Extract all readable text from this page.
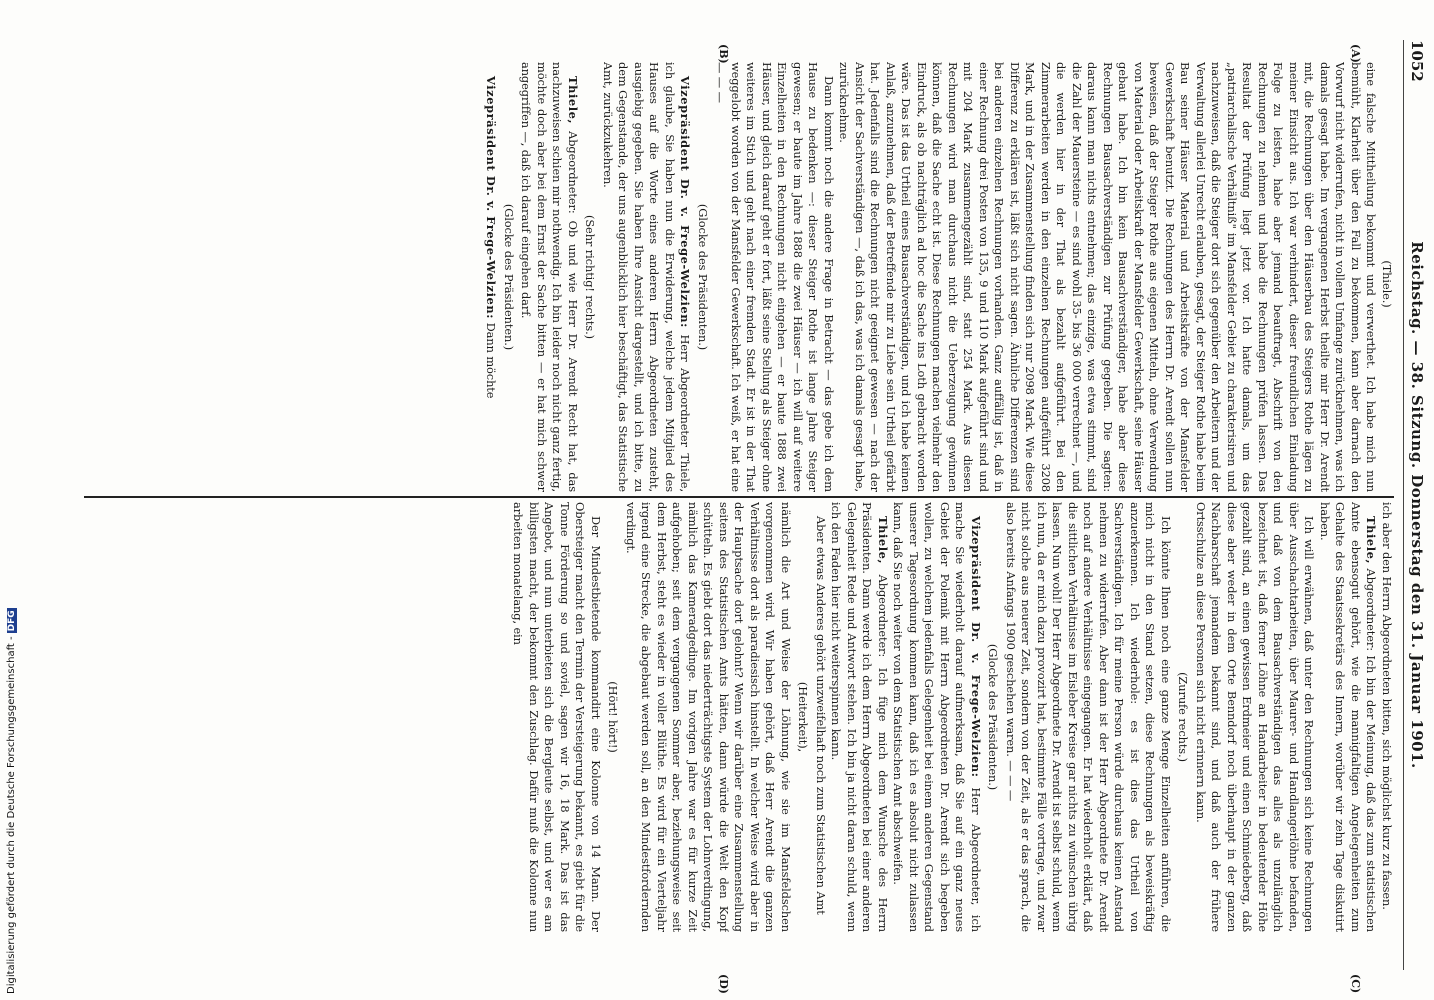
1052
Reichstag. — 38. Sitzung. Donnerstag den 31. Januar 1901.
(A)
(B)
(C)
(D)

(Thiele.)

eine falsche Mittheilung bekommt und verwerthet. Ich habe mich nun bemüht, Klarheit über den Fall zu bekommen, kann aber darnach den Vorwurf nicht widerrufen, nicht in vollem Umfange zurücknehmen, was ich damals gesagt habe. Im vergangenen Herbst theilte mir Herr Dr. Arendt mit, die Rechnungen über den Häuserbau des Steigers Rothe lägen zu meiner Einsicht aus. Ich war verhindert, dieser freundlichen Einladung Folge zu leisten, habe aber jemand beauftragt, Abschrift von den Rechnungen zu nehmen und habe die Rechnungen prüfen lassen. Das Resultat der Prüfung liegt jetzt vor. Ich hatte damals, um das „patriarchalische Verhältniß" im Mansfelder Gebiet zu charakterisiren und nachzuweisen, daß die Steiger dort sich gegenüber den Arbeitern und der Verwaltung allerlei Unrecht erlauben, gesagt, der Steiger Rothe habe beim Bau seiner Häuser Material und Arbeitskräfte von der Mansfelder Gewerkschaft benutzt. Die Rechnungen des Herrn Dr. Arendt sollen nun beweisen, daß der Steiger Rothe aus eigenen Mitteln, ohne Verwendung von Material oder Arbeitskraft der Mansfelder Gewerkschaft, seine Häuser gebaut habe. Ich bin kein Bausachverständiger, habe aber diese Rechnungen Bausachverständigen zur Prüfung gegeben. Die sagten: daraus kann man nichts entnehmen; das einzige, was etwa stimmt, sind die Zahl der Mauersteine — es sind wohl 35- bis 36 000 verrechnet —, und die werden hier in der That als bezahlt aufgeführt. Bei den Zimmerarbeiten werden in den einzelnen Rechnungen aufgeführt 3208 Mark, und in der Zusammenstellung finden sich nur 2098 Mark. Wie diese Differenz zu erklären ist, läßt sich nicht sagen. Ähnliche Differenzen sind bei anderen einzelnen Rechnungen vorhanden. Ganz auffällig ist, daß in einer Rechnung drei Posten von 135, 9 und 110 Mark aufgeführt sind und mit 204 Mark zusammengezählt sind, statt 254 Mark. Aus diesen Rechnungen wird man durchaus nicht die Ueberzeugung gewinnen können, daß die Sache echt ist. Diese Rechnungen machen vielmehr den Eindruck, als ob nachträglich ad hoc die Sache ins Loth gebracht worden wäre. Das ist das Urtheil eines Bausachverständigen, und ich habe keinen Anlaß, anzunehmen, daß der Betreffende mir zu Liebe sein Urtheil gefärbt hat. Jedenfalls sind die Rechnungen nicht geeignet gewesen — nach der Ansicht der Sachverständigen —, daß ich das, was ich damals gesagt habe, zurücknehme.

Dann kommt noch die andere Frage in Betracht — das gebe ich dem Hause zu bedenken —: dieser Steiger Rothe ist lange Jahre Steiger gewesen; er baute im Jahre 1888 die zwei Häuser — ich will auf weitere Einzelheiten in den Rechnungen nicht eingehen — er baute 1888 zwei Häuser, und gleich darauf geht er fort, läßt seine Stellung als Steiger ohne weiteres im Stich und geht nach einer fremden Stadt. Er ist in der That weggelobt worden von der Mansfelder Gewerkschaft. Ich weiß, er hat eine — — —

(Glocke des Präsidenten.)

Vizepräsident Dr. v. Frege-Welzien: Herr Abgeordneter Thiele, ich glaube, Sie haben nun die Erwiderung, welche jedem Mitglied des Hauses auf die Worte eines anderen Herrn Abgeordneten zusteht, ausgiebig gegeben. Sie haben Ihre Ansicht dargestellt, und ich bitte, zu dem Gegenstande, der uns augenblicklich hier beschäftigt, das Statistische Amt, zurückzukehren.

(Sehr richtig! rechts.)

Thiele, Abgeordneter: Ob und wie Herr Dr. Arendt Recht hat, das nachzuweisen schien mir nothwendig. Ich bin leider noch nicht ganz fertig, möchte doch aber bei dem Ernst der Sache bitten — er hat mich schwer angegriffen —, daß ich darauf eingehen darf.

(Glocke des Präsidenten.)

Vizepräsident Dr. v. Frege-Welzien: Dann möchte

ich aber den Herrn Abgeordneten bitten, sich möglichst kurz zu fassen.

Thiele, Abgeordneter: Ich bin der Meinung, daß das zum statistischen Amte ebensogut gehört, wie die mannigfaltigen Angelegenheiten zum Gehalte des Staatssekretärs des Innern, worüber wir zehn Tage diskutirt haben.

Ich will erwähnen, daß unter den Rechnungen sich keine Rechnungen über Ausschachtarbeiten, über Maurer- und Handlangerlöhne befanden, und daß von dem Bausachverständigen das alles als unzulänglich bezeichnet ist, daß ferner Löhne an Handarbeiter in bedeutender Höhe gezahlt sind, an einen gewissen Erdmeier und einen Schmiedeberg, daß diese aber weder in dem Orte Benndorf noch überhaupt in der ganzen Nachbarschaft jemandem bekannt sind, und daß auch der frühere Ortsschulze an diese Personen sich nicht erinnern kann.

(Zurufe rechts.)

Ich könnte Ihnen noch eine ganze Menge Einzelheiten anführen, die mich nicht in den Stand setzen, diese Rechnungen als beweiskräftig anzuerkennen. Ich wiederhole: es ist dies das Urtheil von Sachverständigen. Ich für meine Person würde durchaus keinen Anstand nehmen zu widerrufen. Aber dann ist der Herr Abgeordnete Dr. Arendt noch auf andere Verhältnisse eingegangen. Er hat wiederholt erklärt, daß die sittlichen Verhältnisse im Eisleber Kreise gar nichts zu wünschen übrig lassen. Nun wohl! Der Herr Abgeordnete Dr. Arendt ist selbst schuld, wenn ich nun, da er mich dazu provozirt hat, bestimmte Fälle vortrage, und zwar nicht solche aus neuerer Zeit, sondern von der Zeit, als er das sprach, die also bereits Anfangs 1900 geschehen waren. — — —

(Glocke des Präsidenten.)

Vizepräsident Dr. v. Frege-Welzien: Herr Abgeordneter, ich mache Sie wiederholt darauf aufmerksam, daß Sie auf ein ganz neues Gebiet der Polemik mit Herrn Abgeordneten Dr. Arendt sich begeben wollen, zu welchem jedenfalls Gelegenheit bei einem anderen Gegenstand unserer Tagesordnung kommen kann, daß ich es absolut nicht zulassen kann, daß Sie noch weiter von dem Statistischen Amt abschweifen.

Thiele, Abgeordneter: Ich füge mich dem Wunsche des Herrn Präsidenten. Dann werde ich dem Herrn Abgeordneten bei einer anderen Gelegenheit Rede und Antwort stehen. Ich bin ja nicht daran schuld, wenn ich den Faden hier nicht weiterspinnen kann.

Aber etwas Anderes gehört unzweifelhaft noch zum Statistischen Amt

(Heiterkeit),

nämlich die Art und Weise der Löhnung, wie sie im Mansfeldschen vorgenommen wird. Wir haben gehört, daß Herr Arendt die ganzen Verhältnisse dort als paradiesisch hinstellt. In welcher Weise wird aber in der Hauptsache dort gelohnt? Wenn wir darüber eine Zusammenstellung seitens des Statistischen Amts hätten, dann würde die Welt den Kopf schütteln. Es giebt dort das niederträchtigste System der Lohnverdingung, nämlich das Kameradgedinge. Im vorigen Jahre war es für kurze Zeit aufgehoben; seit dem vergangenen Sommer aber, beziehungsweise seit dem Herbst, steht es wieder in voller Blüthe. Es wird für ein Vierteljahr irgend eine Strecke, die abgebaut werden soll, an den Mindestfordernden verdingt.

(Hört! hört!)

Der Mindestbietende kommandirt eine Kolonne von 14 Mann. Der Obersteiger macht den Termin der Versteigerung bekannt, es giebt für die Tonne Förderung so und soviel, sagen wir 16, 18 Mark. Das ist das Angebot, und nun unterbieten sich die Bergleute selbst, und wer es am billigsten macht, der bekommt den Zuschlag. Dafür muß die Kolonne nun arbeiten monatelang, ein

Digitalisierung gefördert durch die Deutsche Forschungsgemeinschaft -DFG
